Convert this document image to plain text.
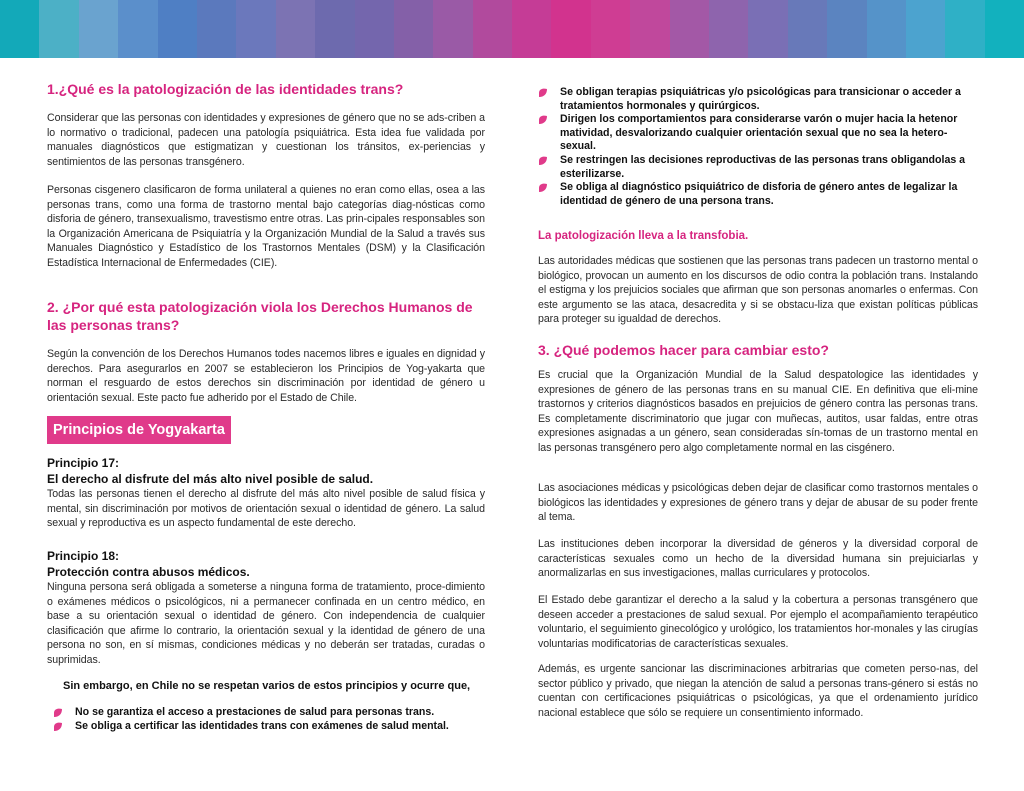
1.¿Qué es la patologización de las identidades trans?

Considerar que las personas con identidades y expresiones de género que no se ads-criben a lo normativo o tradicional, padecen una patología psiquiátrica. Esta idea fue validada por manuales diagnósticos que estigmatizan y cuestionan los tránsitos, ex-periencias y sentimientos de las personas transgénero.

Personas cisgenero clasificaron de forma unilateral a quienes no eran como ellas, osea a las personas trans, como una forma de trastorno mental bajo categorías diag-nósticas como disforia de género, transexualismo, travestismo entre otras. Las prin-cipales responsables son la Organización Americana de Psiquiatría y la Organización Mundial de la Salud a través sus Manuales Diagnóstico y Estadístico de los Trastornos Mentales (DSM) y la Clasificación Estadística Internacional de Enfermedades (CIE).

2. ¿Por qué esta patologización viola los Derechos Humanos de las personas trans?

Según la convención de los Derechos Humanos todes nacemos libres e iguales en dignidad y derechos. Para asegurarlos en 2007 se establecieron los Principios de Yog-yakarta que norman el resguardo de estos derechos sin discriminación por identidad de género u orientación sexual. Este pacto fue adherido por el Estado de Chile.

Principios de Yogyakarta
Principio 17:
El derecho al disfrute del más alto nivel posible de salud.

Todas las personas tienen el derecho al disfrute del más alto nivel posible de salud física y mental, sin discriminación por motivos de orientación sexual o identidad de género. La salud sexual y reproductiva es un aspecto fundamental de este derecho.

Principio 18:
Protección contra abusos médicos.

Ninguna persona será obligada a someterse a ninguna forma de tratamiento, proce-dimiento o exámenes médicos o psicológicos, ni a permanecer confinada en un centro médico, en base a su orientación sexual o identidad de género. Con independencia de cualquier clasificación que afirme lo contrario, la orientación sexual y la identidad de género de una persona no son, en sí mismas, condiciones médicas y no deberán ser tratadas, curadas o suprimidas.

Sin embargo, en Chile no se respetan varios de estos principios y ocurre que,

No se garantiza el acceso a prestaciones de salud para personas trans.
Se obliga a certificar las identidades trans con exámenes de salud mental.
Se obligan terapias psiquiátricas y/o psicológicas para transicionar o acceder a tratamientos hormonales y quirúrgicos.
Dirigen los comportamientos para considerarse varón o mujer hacia la hetenor matividad, desvalorizando cualquier orientación sexual que no sea la hetero-sexual.
Se restringen las decisiones reproductivas de las personas trans obligandolas a esterilizarse.
Se obliga al diagnóstico psiquiátrico de disforia de género antes de legalizar la identidad de género de una persona trans.
La patologización lleva a la transfobia.

Las autoridades médicas que sostienen que las personas trans padecen un trastorno mental o biológico, provocan un aumento en los discursos de odio contra la población trans. Instalando el estigma y los prejuicios sociales que afirman que son personas anomarles o enfermas. Con este argumento se las ataca, desacredita y si se obstacu-liza que existan políticas públicas para proteger su igualdad de derechos.

3. ¿Qué podemos hacer para cambiar esto?

Es crucial que la Organización Mundial de la Salud despatologice las identidades y expresiones de género de las personas trans en su manual CIE. En definitiva que eli-mine trastornos y criterios diagnósticos basados en prejuicios de género contra las personas trans. Es completamente discriminatorio que jugar con muñecas, autitos, usar faldas, entre otras expresiones asignadas a un género, sean consideradas sín-tomas de un trastorno mental en las personas transgénero pero algo completamente normal en las cisgénero.

Las asociaciones médicas y psicológicas deben dejar de clasificar como trastornos mentales o biológicos las identidades y expresiones de género trans y dejar de abusar de su poder frente al tema.

Las instituciones deben incorporar la diversidad de géneros y la diversidad corporal de características sexuales como un hecho de la diversidad humana sin prejuiciarlas y anormalizarlas en sus investigaciones, mallas curriculares y protocolos.

El Estado debe garantizar el derecho a la salud y la cobertura a personas transgénero que deseen acceder a prestaciones de salud sexual. Por ejemplo el acompañamiento terapéutico voluntario, el seguimiento ginecológico y urológico, los tratamientos hor-monales y las cirugías voluntarias modificatorias de características sexuales.

Además, es urgente sancionar las discriminaciones arbitrarias que cometen perso-nas, del sector público y privado, que niegan la atención de salud a personas trans-género si estás no cuentan con certificaciones psiquiátricas o psicológicas, ya que el ordenamiento jurídico nacional establece que sólo se requiere un consentimiento informado.
